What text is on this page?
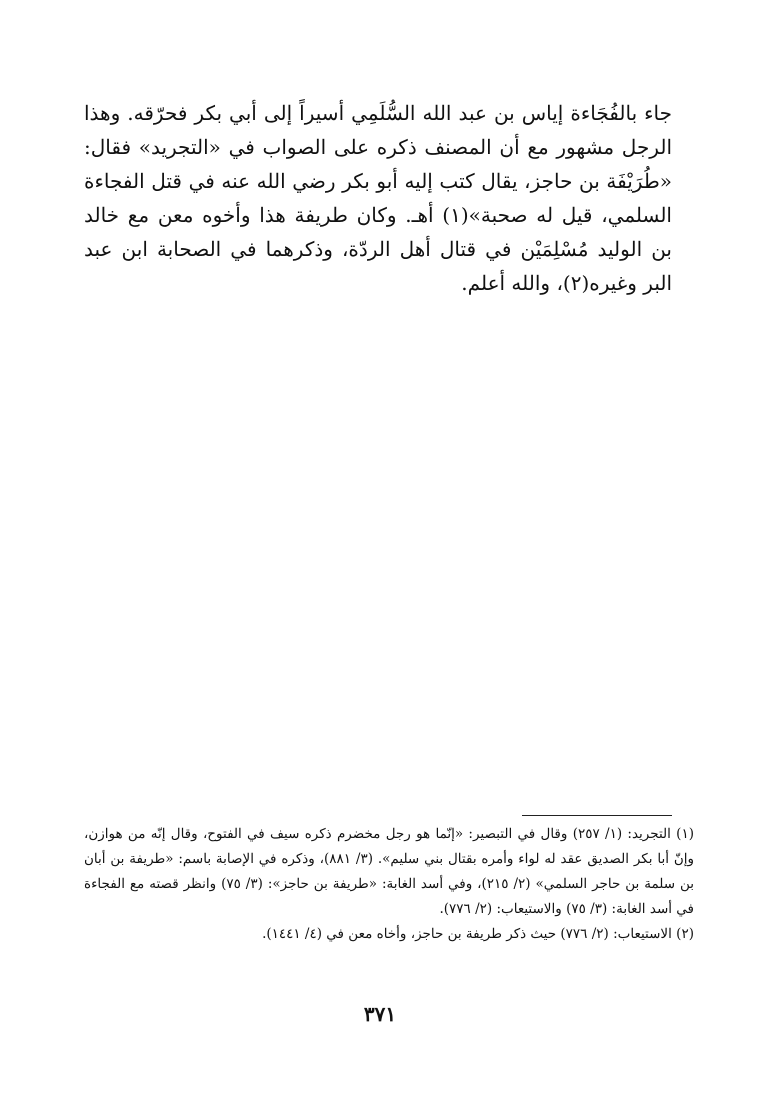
جاء بالفُجَاءة إياس بن عبد الله السُّلَمِي أسيراً إلى أبي بكر فحرّقه. وهذا الرجل مشهور مع أن المصنف ذكره على الصواب في «التجريد» فقال: «طُرَيْفَة بن حاجز، يقال كتب إليه أبو بكر رضي الله عنه في قتل الفجاءة السلمي، قيل له صحبة»(١) أهـ. وكان طريفة هذا وأخوه معن مع خالد بن الوليد مُسْلِمَيْن في قتال أهل الردّة، وذكرهما في الصحابة ابن عبد البر وغيره(٢)، والله أعلم.

(١) التجريد: (١/ ٢٥٧) وقال في التبصير: «إنّما هو رجل مخضرم ذكره سيف في الفتوح، وقال إنّه من هوازن، وإنّ أبا بكر الصديق عقد له لواء وأمره بقتال بني سليم». (٣/ ٨٨١)، وذكره في الإصابة باسم: «طريفة بن أبان بن سلمة بن حاجر السلمي» (٢/ ٢١٥)، وفي أسد الغابة: «طريفة بن حاجز»: (٣/ ٧٥) وانظر قصته مع الفجاءة في أسد الغابة: (٣/ ٧٥) والاستيعاب: (٢/ ٧٧٦).

(٢) الاستيعاب: (٢/ ٧٧٦) حيث ذكر طريفة بن حاجز، وأخاه معن في (٤/ ١٤٤١).

٣٧١
